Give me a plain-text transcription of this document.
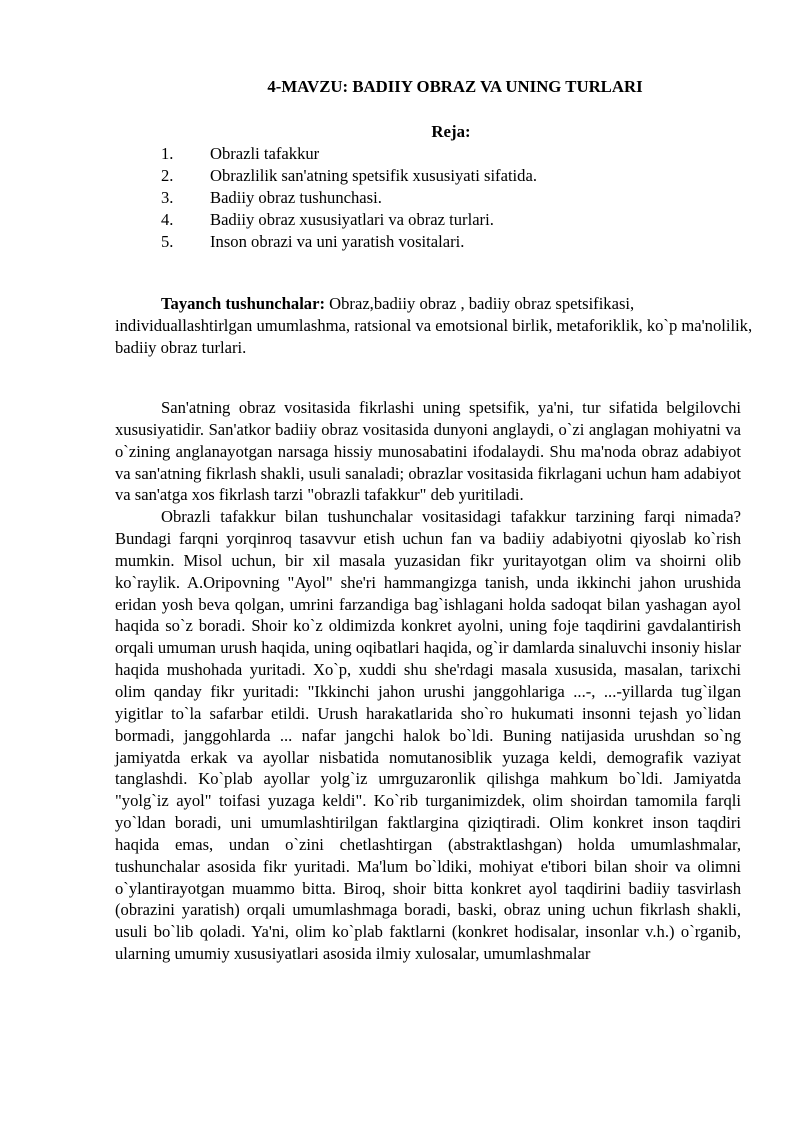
4-MAVZU: BADIIY OBRAZ VA UNING TURLARI
Reja:
1. Obrazli tafakkur
2. Obrazlilik san'atning spetsifik xususiyati sifatida.
3. Badiiy obraz tushunchasi.
4. Badiiy obraz xususiyatlari va obraz turlari.
5. Inson obrazi va uni yaratish vositalari.

Tayanch tushunchalar: Obraz,badiiy obraz , badiiy obraz spetsifikasi, individuallashtirlgan umumlashma, ratsional va emotsional birlik, metaforiklik, ko`p ma'nolilik, badiiy obraz turlari.

San'atning obraz vositasida fikrlashi uning spetsifik, ya'ni, tur sifatida belgilovchi xususiyatidir. San'atkor badiiy obraz vositasida dunyoni anglaydi, o`zi anglagan mohiyatni va o`zining anglanayotgan narsaga hissiy munosabatini ifodalaydi. Shu ma'noda obraz adabiyot va san'atning fikrlash shakli, usuli sanaladi; obrazlar vositasida fikrlagani uchun ham adabiyot va san'atga xos fikrlash tarzi "obrazli tafakkur" deb yuritiladi.

Obrazli tafakkur bilan tushunchalar vositasidagi tafakkur tarzining farqi nimada? Bundagi farqni yorqinroq tasavvur etish uchun fan va badiiy adabiyotni qiyoslab ko`rish mumkin. Misol uchun, bir xil masala yuzasidan fikr yuritayotgan olim va shoirni olib ko`raylik. A.Oripovning "Ayol" she'ri hammangizga tanish, unda ikkinchi jahon urushida eridan yosh beva qolgan, umrini farzandiga bag`ishlagani holda sadoqat bilan yashagan ayol haqida so`z boradi. Shoir ko`z oldimizda konkret ayolni, uning foje taqdirini gavdalantirish orqali umuman urush haqida, uning oqibatlari haqida, og`ir damlarda sinaluvchi insoniy hislar haqida mushohada yuritadi. Xo`p, xuddi shu she'rdagi masala xususida, masalan, tarixchi olim qanday fikr yuritadi: "Ikkinchi jahon urushi janggohlariga ...-, ...-yillarda tug`ilgan yigitlar to`la safarbar etildi. Urush harakatlarida sho`ro hukumati insonni tejash yo`lidan bormadi, janggohlarda ... nafar jangchi halok bo`ldi. Buning natijasida urushdan so`ng jamiyatda erkak va ayollar nisbatida nomutanosiblik yuzaga keldi, demografik vaziyat tanglashdi. Ko`plab ayollar yolg`iz umrguzaronlik qilishga mahkum bo`ldi. Jamiyatda "yolg`iz ayol" toifasi yuzaga keldi". Ko`rib turganimizdek, olim shoirdan tamomila farqli yo`ldan boradi, uni umumlashtirilgan faktlargina qiziqtiradi. Olim konkret inson taqdiri haqida emas, undan o`zini chetlashtirgan (abstraktlashgan) holda umumlashmalar, tushunchalar asosida fikr yuritadi. Ma'lum bo`ldiki, mohiyat e'tibori bilan shoir va olimni o`ylantirayotgan muammo bitta. Biroq, shoir bitta konkret ayol taqdirini badiiy tasvirlash (obrazini yaratish) orqali umumlashmaga boradi, baski, obraz uning uchun fikrlash shakli, usuli bo`lib qoladi. Ya'ni, olim ko`plab faktlarni (konkret hodisalar, insonlar v.h.) o`rganib, ularning umumiy xususiyatlari asosida ilmiy xulosalar, umumlashmalar
